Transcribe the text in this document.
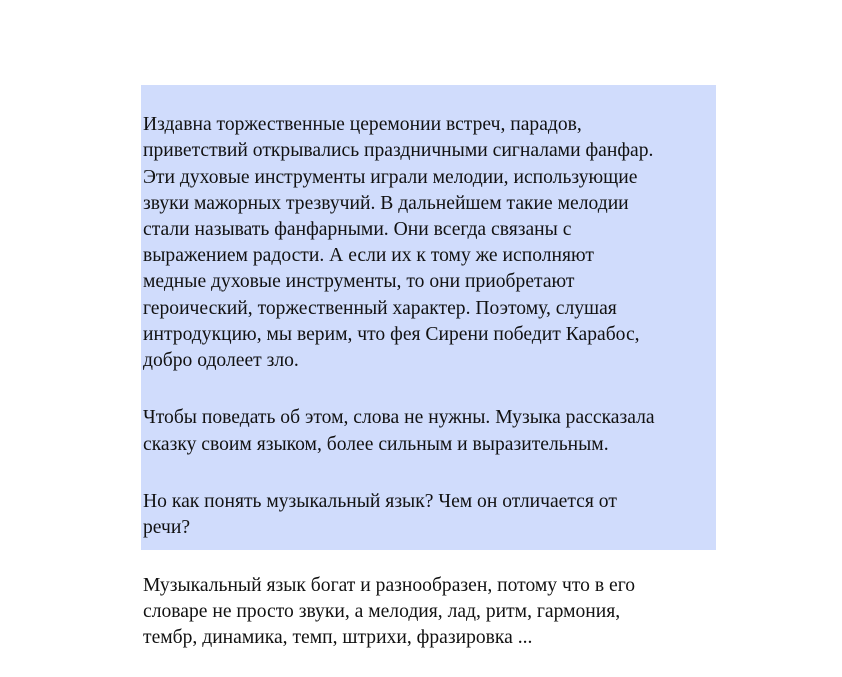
Издавна торжественные церемонии встреч, парадов,
приветствий открывались праздничными сигналами фанфар.
Эти духовые инструменты играли мелодии, использующие
звуки мажорных трезвучий. В дальнейшем такие мелодии
стали называть фанфарными. Они всегда связаны с
выражением радости. А если их к тому же исполняют
медные духовые инструменты, то они приобретают
героический, торжественный характер. Поэтому, слушая
интродукцию, мы верим, что фея Сирени победит Карабос,
добро одолеет зло.

Чтобы поведать об этом, слова не нужны. Музыка рассказала
сказку своим языком, более сильным и выразительным.

Но как понять музыкальный язык? Чем он отличается от
речи?

Музыкальный язык богат и разнообразен, потому что в его
словаре не просто звуки, а мелодия, лад, ритм, гармония,
тембр, динамика, темп, штрихи, фразировка ...
